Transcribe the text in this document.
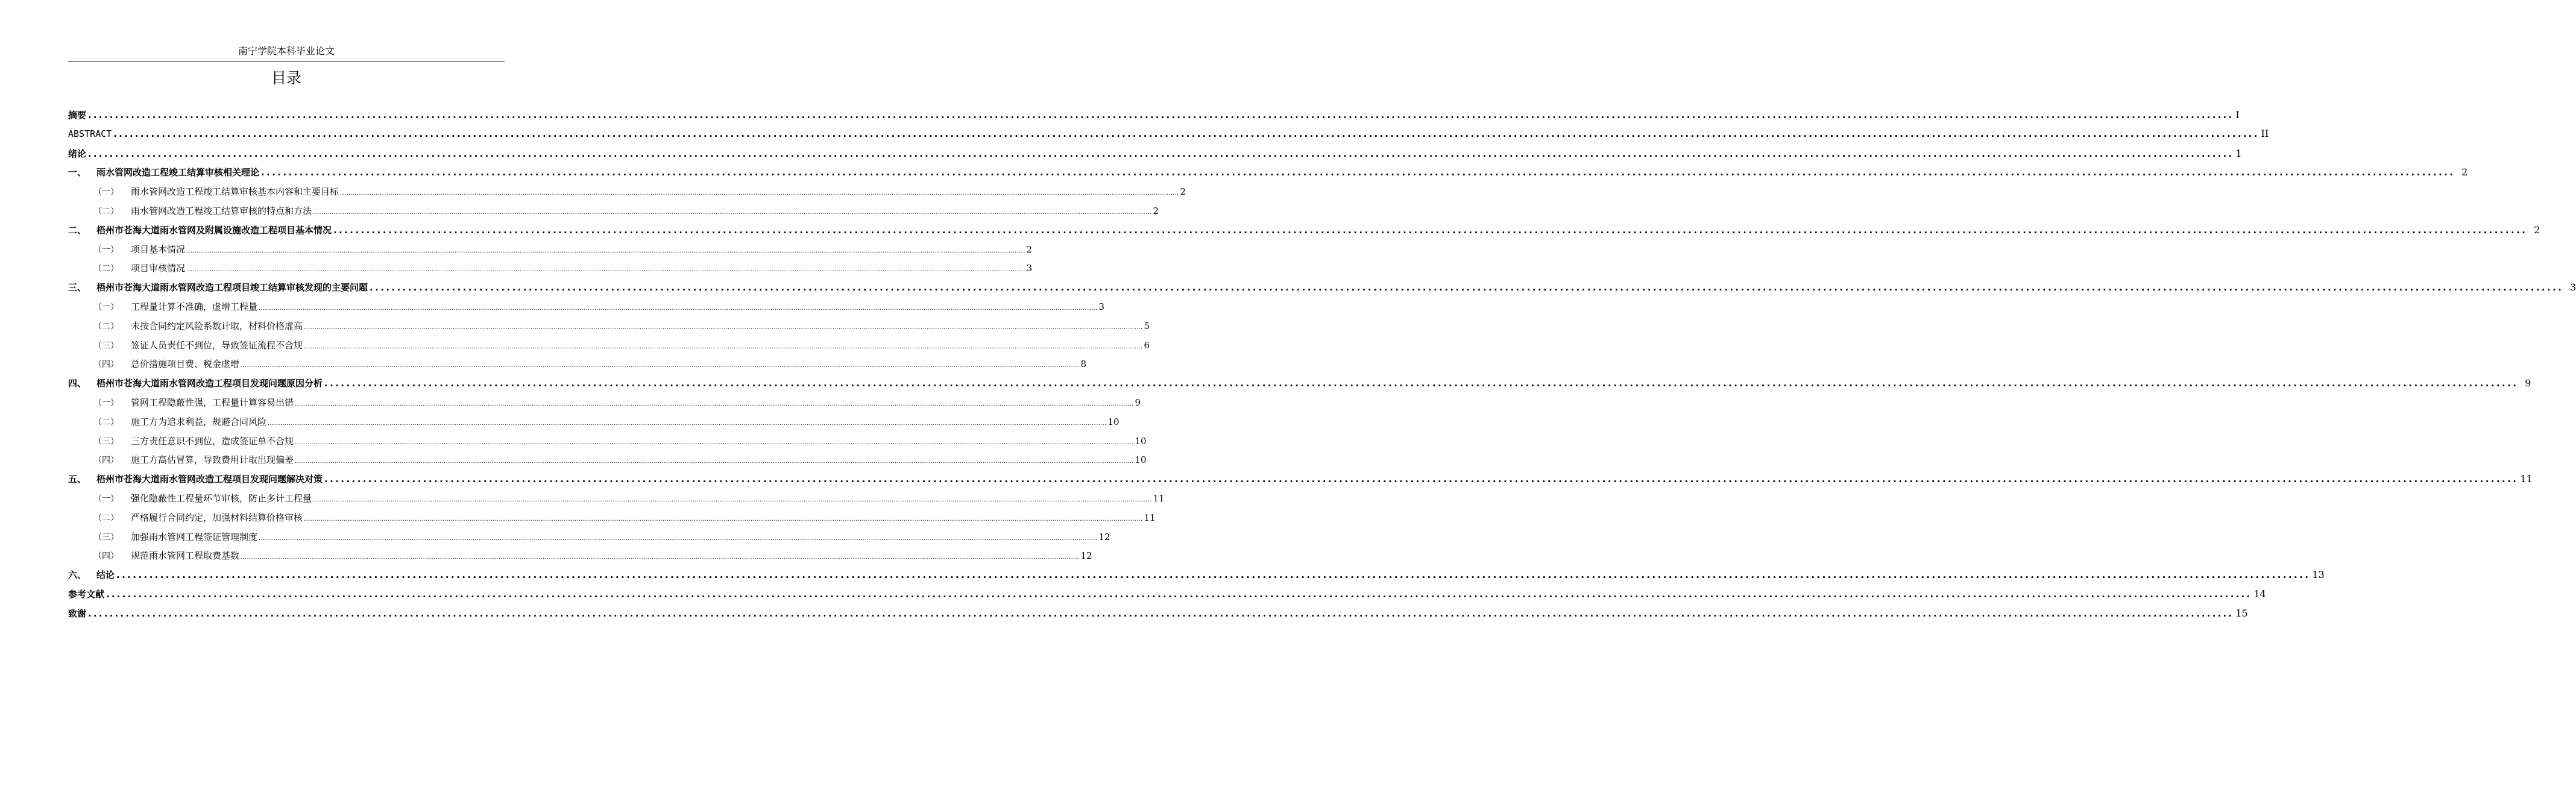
南宁学院本科毕业论文
目录
摘要 ................................................................................................................................................................................................................................................................................................................................................................................................................ I
ABSTRACT ................................................................................................................................................................................................................................................................................................................................................................................................................ II
绪论 ................................................................................................................................................................................................................................................................................................................................................................................................................ 1
一、	雨水管网改造工程竣工结算审核相关理论 ................................................................................................................................................................................................................................................................................................................................................................................................................ 2
（一）	雨水管网改造工程竣工结算审核基本内容和主要目标 ................................................................................................................................................................................................................................................................................................................................................................................................................ 2
（二）	雨水管网改造工程竣工结算审核的特点和方法 ................................................................................................................................................................................................................................................................................................................................................................................................................ 2
二、	梧州市苍海大道雨水管网及附属设施改造工程项目基本情况 ................................................................................................................................................................................................................................................................................................................................................................................................................ 2
（一）	项目基本情况 ................................................................................................................................................................................................................................................................................................................................................................................................................ 2
（二）	项目审核情况 ................................................................................................................................................................................................................................................................................................................................................................................................................ 3
三、	梧州市苍海大道雨水管网改造工程项目竣工结算审核发现的主要问题 ................................................................................................................................................................................................................................................................................................................................................................................................................ 3
（一）	工程量计算不准确，虚增工程量 ................................................................................................................................................................................................................................................................................................................................................................................................................ 3
（二）	未按合同约定风险系数计取，材料价格虚高 ................................................................................................................................................................................................................................................................................................................................................................................................................ 5
（三）	签证人员责任不到位，导致签证流程不合规 ................................................................................................................................................................................................................................................................................................................................................................................................................ 6
（四）	总价措施项目费、税金虚增 ................................................................................................................................................................................................................................................................................................................................................................................................................ 8
四、	梧州市苍海大道雨水管网改造工程项目发现问题原因分析 ................................................................................................................................................................................................................................................................................................................................................................................................................ 9
（一）	管网工程隐蔽性强，工程量计算容易出错 ................................................................................................................................................................................................................................................................................................................................................................................................................ 9
（二）	施工方为追求利益，规避合同风险 ................................................................................................................................................................................................................................................................................................................................................................................................................ 10
（三）	三方责任意识不到位，造成签证单不合规 ................................................................................................................................................................................................................................................................................................................................................................................................................ 10
（四）	施工方高估冒算，导致费用计取出现偏差 ................................................................................................................................................................................................................................................................................................................................................................................................................ 10
五、	梧州市苍海大道雨水管网改造工程项目发现问题解决对策 ................................................................................................................................................................................................................................................................................................................................................................................................................ 11
（一）	强化隐蔽性工程量环节审核，防止多计工程量 ................................................................................................................................................................................................................................................................................................................................................................................................................ 11
（二）	严格履行合同约定，加强材料结算价格审核 ................................................................................................................................................................................................................................................................................................................................................................................................................ 11
（三）	加强雨水管网工程签证管理制度 ................................................................................................................................................................................................................................................................................................................................................................................................................ 12
（四）	规范雨水管网工程取费基数 ................................................................................................................................................................................................................................................................................................................................................................................................................ 12
六、	结论 ................................................................................................................................................................................................................................................................................................................................................................................................................ 13
参考文献 ................................................................................................................................................................................................................................................................................................................................................................................................................ 14
致谢 ................................................................................................................................................................................................................................................................................................................................................................................................................ 15
